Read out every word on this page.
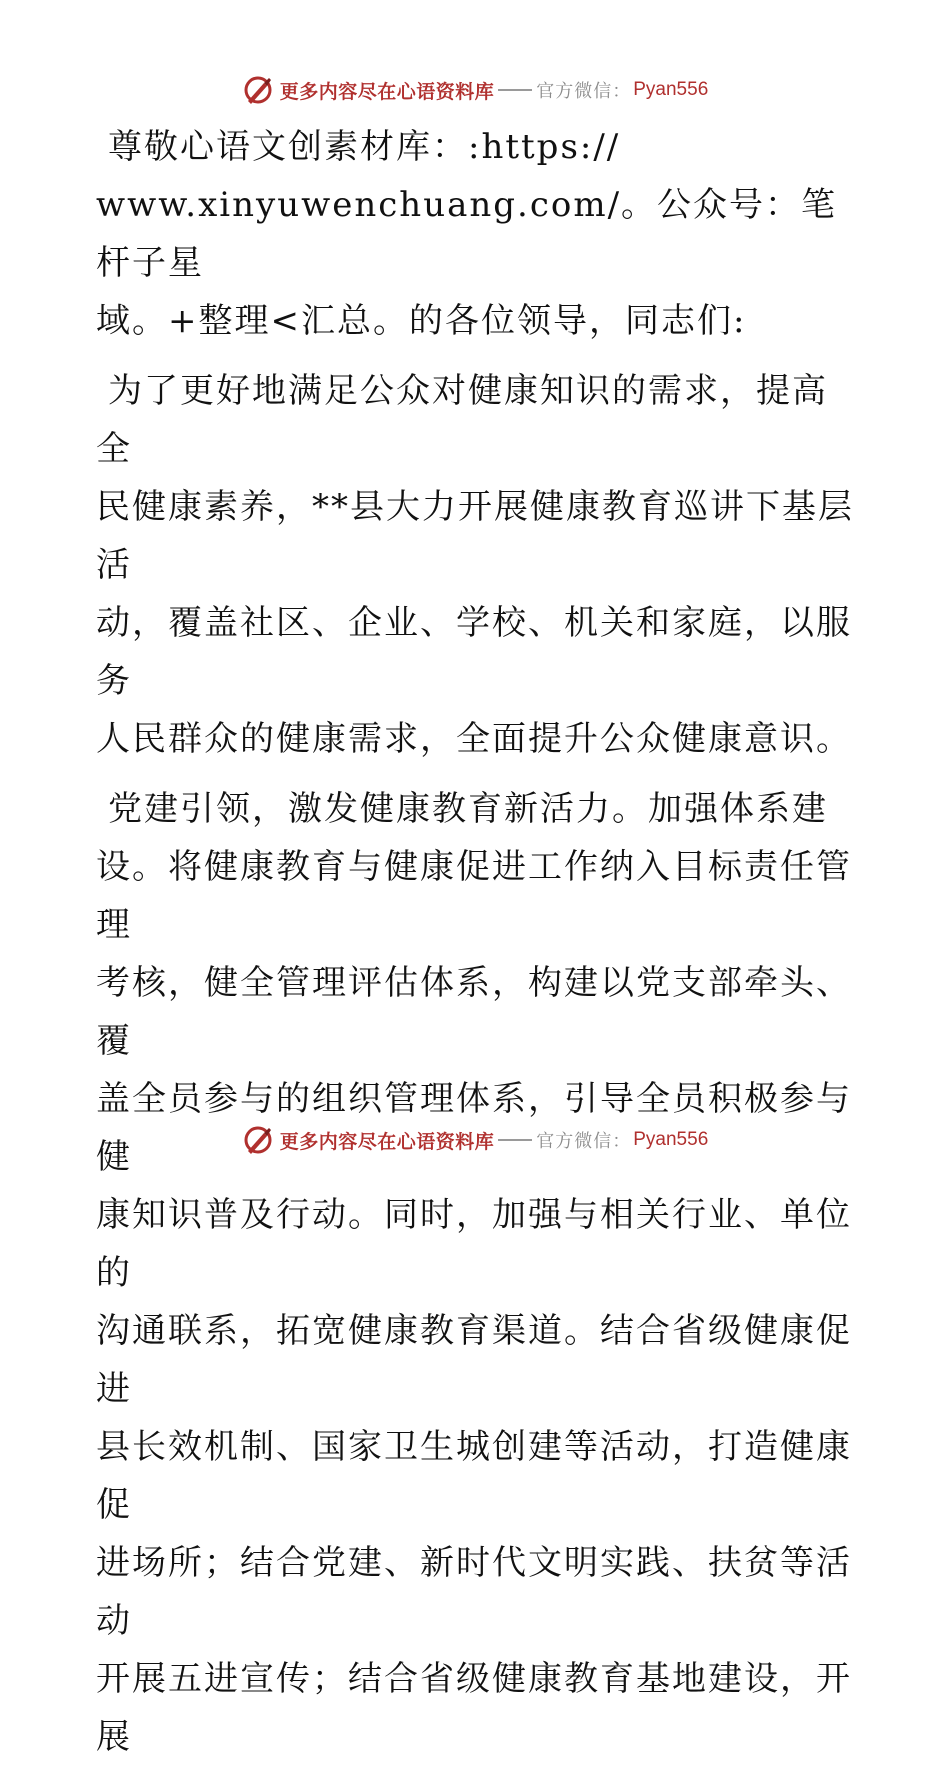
更多内容尽在心语资料库 官方微信： Pyan556

尊敬心语文创素材库：:https://
www.xinyuwenchuang.com/。公众号：笔杆子星
域。+整理<汇总。的各位领导，同志们:

为了更好地满足公众对健康知识的需求，提高全
民健康素养，**县大力开展健康教育巡讲下基层活
动，覆盖社区、企业、学校、机关和家庭，以服务
人民群众的健康需求，全面提升公众健康意识。

党建引领，激发健康教育新活力。加强体系建
设。将健康教育与健康促进工作纳入目标责任管理
考核，健全管理评估体系，构建以党支部牵头、覆
盖全员参与的组织管理体系，引导全员积极参与健
康知识普及行动。同时，加强与相关行业、单位的
沟通联系，拓宽健康教育渠道。结合省级健康促进
县长效机制、国家卫生城创建等活动，打造健康促
进场所；结合党建、新时代文明实践、扶贫等活动
开展五进宣传；结合省级健康教育基地建设，开展

更多内容尽在心语资料库 官方微信： Pyan556
